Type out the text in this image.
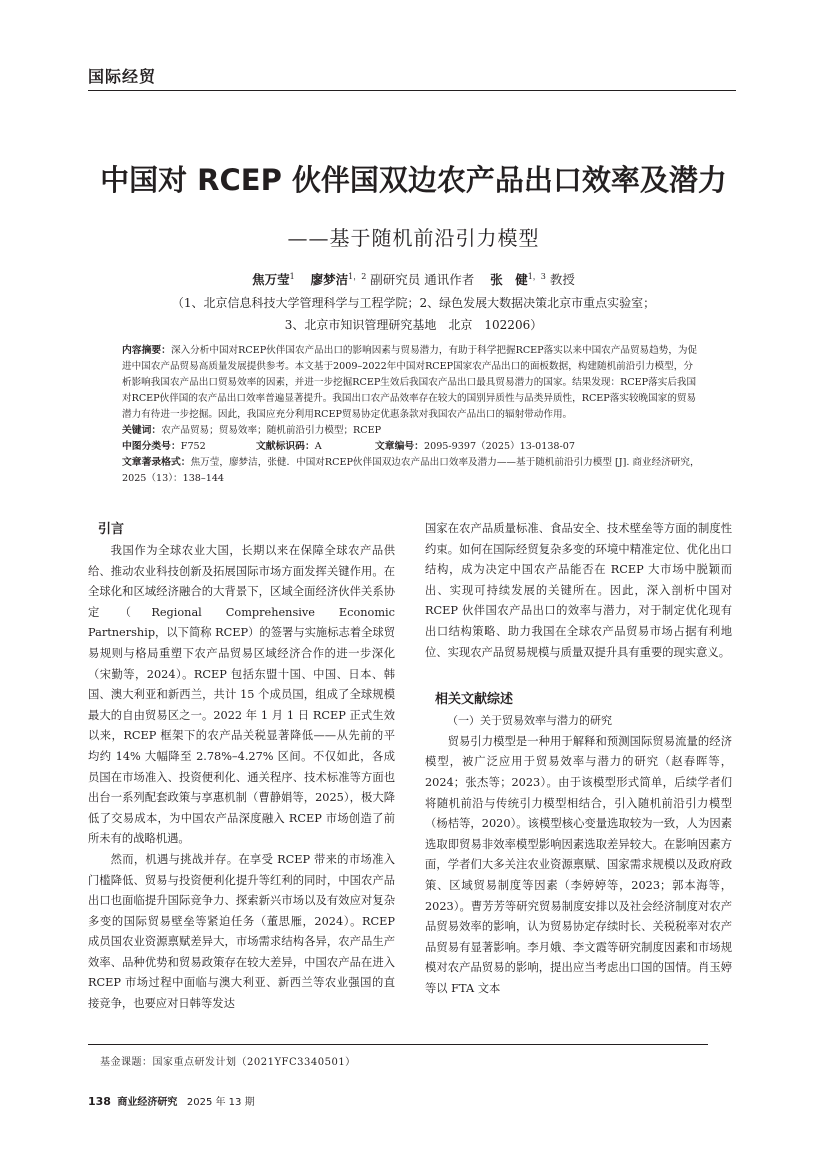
国际经贸
中国对 RCEP 伙伴国双边农产品出口效率及潜力
——基于随机前沿引力模型
焦万莹$^1$ 廖梦洁$^{1,2}$ 副研究员 通讯作者 张　健$^{1,3}$ 教授
（1、北京信息科技大学管理科学与工程学院；2、绿色发展大数据决策北京市重点实验室；
3、北京市知识管理研究基地　北京　102206）

内容摘要：深入分析中国对RCEP伙伴国农产品出口的影响因素与贸易潜力，有助于科学把握RCEP落实以来中国农产品贸易趋势，为促进中国农产品贸易高质量发展提供参考。本文基于2009–2022年中国对RCEP国家农产品出口的面板数据，构建随机前沿引力模型，分析影响我国农产品出口贸易效率的因素，并进一步挖掘RCEP生效后我国农产品出口最具贸易潜力的国家。结果发现：RCEP落实后我国对RCEP伙伴国的农产品出口效率普遍显著提升。我国出口农产品效率存在较大的国别异质性与品类异质性，RCEP落实较晚国家的贸易潜力有待进一步挖掘。因此，我国应充分利用RCEP贸易协定优惠条款对我国农产品出口的辐射带动作用。

关键词：农产品贸易；贸易效率；随机前沿引力模型；RCEP

中图分类号：F752	文献标识码：A	文章编号：2095-9397（2025）13-0138-07

文章著录格式：焦万莹，廖梦洁，张健．中国对RCEP伙伴国双边农产品出口效率及潜力——基于随机前沿引力模型 [J]. 商业经济研究，2025（13）：138–144

引言

我国作为全球农业大国，长期以来在保障全球农产品供给、推动农业科技创新及拓展国际市场方面发挥关键作用。在全球化和区域经济融合的大背景下，区域全面经济伙伴关系协定（Regional Comprehensive Economic Partnership，以下简称 RCEP）的签署与实施标志着全球贸易规则与格局重塑下农产品贸易区域经济合作的进一步深化（宋勤等，2024）。RCEP 包括东盟十国、中国、日本、韩国、澳大利亚和新西兰，共计 15 个成员国，组成了全球规模最大的自由贸易区之一。2022 年 1 月 1 日 RCEP 正式生效以来，RCEP 框架下的农产品关税显著降低——从先前的平均约 14% 大幅降至 2.78%–4.27% 区间。不仅如此，各成员国在市场准入、投资便利化、通关程序、技术标准等方面也出台一系列配套政策与享惠机制（曹静娟等，2025），极大降低了交易成本，为中国农产品深度融入 RCEP 市场创造了前所未有的战略机遇。

然而，机遇与挑战并存。在享受 RCEP 带来的市场准入门槛降低、贸易与投资便利化提升等红利的同时，中国农产品出口也面临提升国际竞争力、探索新兴市场以及有效应对复杂多变的国际贸易壁垒等紧迫任务（董思雁，2024）。RCEP 成员国农业资源禀赋差异大，市场需求结构各异，农产品生产效率、品种优势和贸易政策存在较大差异，中国农产品在进入 RCEP 市场过程中面临与澳大利亚、新西兰等农业强国的直接竞争，也要应对日韩等发达

国家在农产品质量标准、食品安全、技术壁垒等方面的制度性约束。如何在国际经贸复杂多变的环境中精准定位、优化出口结构，成为决定中国农产品能否在 RCEP 大市场中脱颖而出、实现可持续发展的关键所在。因此，深入剖析中国对 RCEP 伙伴国农产品出口的效率与潜力，对于制定优化现有出口结构策略、助力我国在全球农产品贸易市场占据有利地位、实现农产品贸易规模与质量双提升具有重要的现实意义。

相关文献综述
（一）关于贸易效率与潜力的研究

贸易引力模型是一种用于解释和预测国际贸易流量的经济模型，被广泛应用于贸易效率与潜力的研究（赵春晖等，2024；张杰等；2023）。由于该模型形式简单，后续学者们将随机前沿与传统引力模型相结合，引入随机前沿引力模型（杨桔等，2020）。该模型核心变量选取较为一致，人为因素选取即贸易非效率模型影响因素选取差异较大。在影响因素方面，学者们大多关注农业资源禀赋、国家需求规模以及政府政策、区域贸易制度等因素（李婷婷等，2023；郭本海等，2023）。曹芳芳等研究贸易制度安排以及社会经济制度对农产品贸易效率的影响，认为贸易协定存续时长、关税税率对农产品贸易有显著影响。李月娥、李文霞等研究制度因素和市场规模对农产品贸易的影响，提出应当考虑出口国的国情。肖玉婷等以 FTA 文本

基金课题：国家重点研发计划（2021YFC3340501）
138 商业经济研究 2025 年 13 期
